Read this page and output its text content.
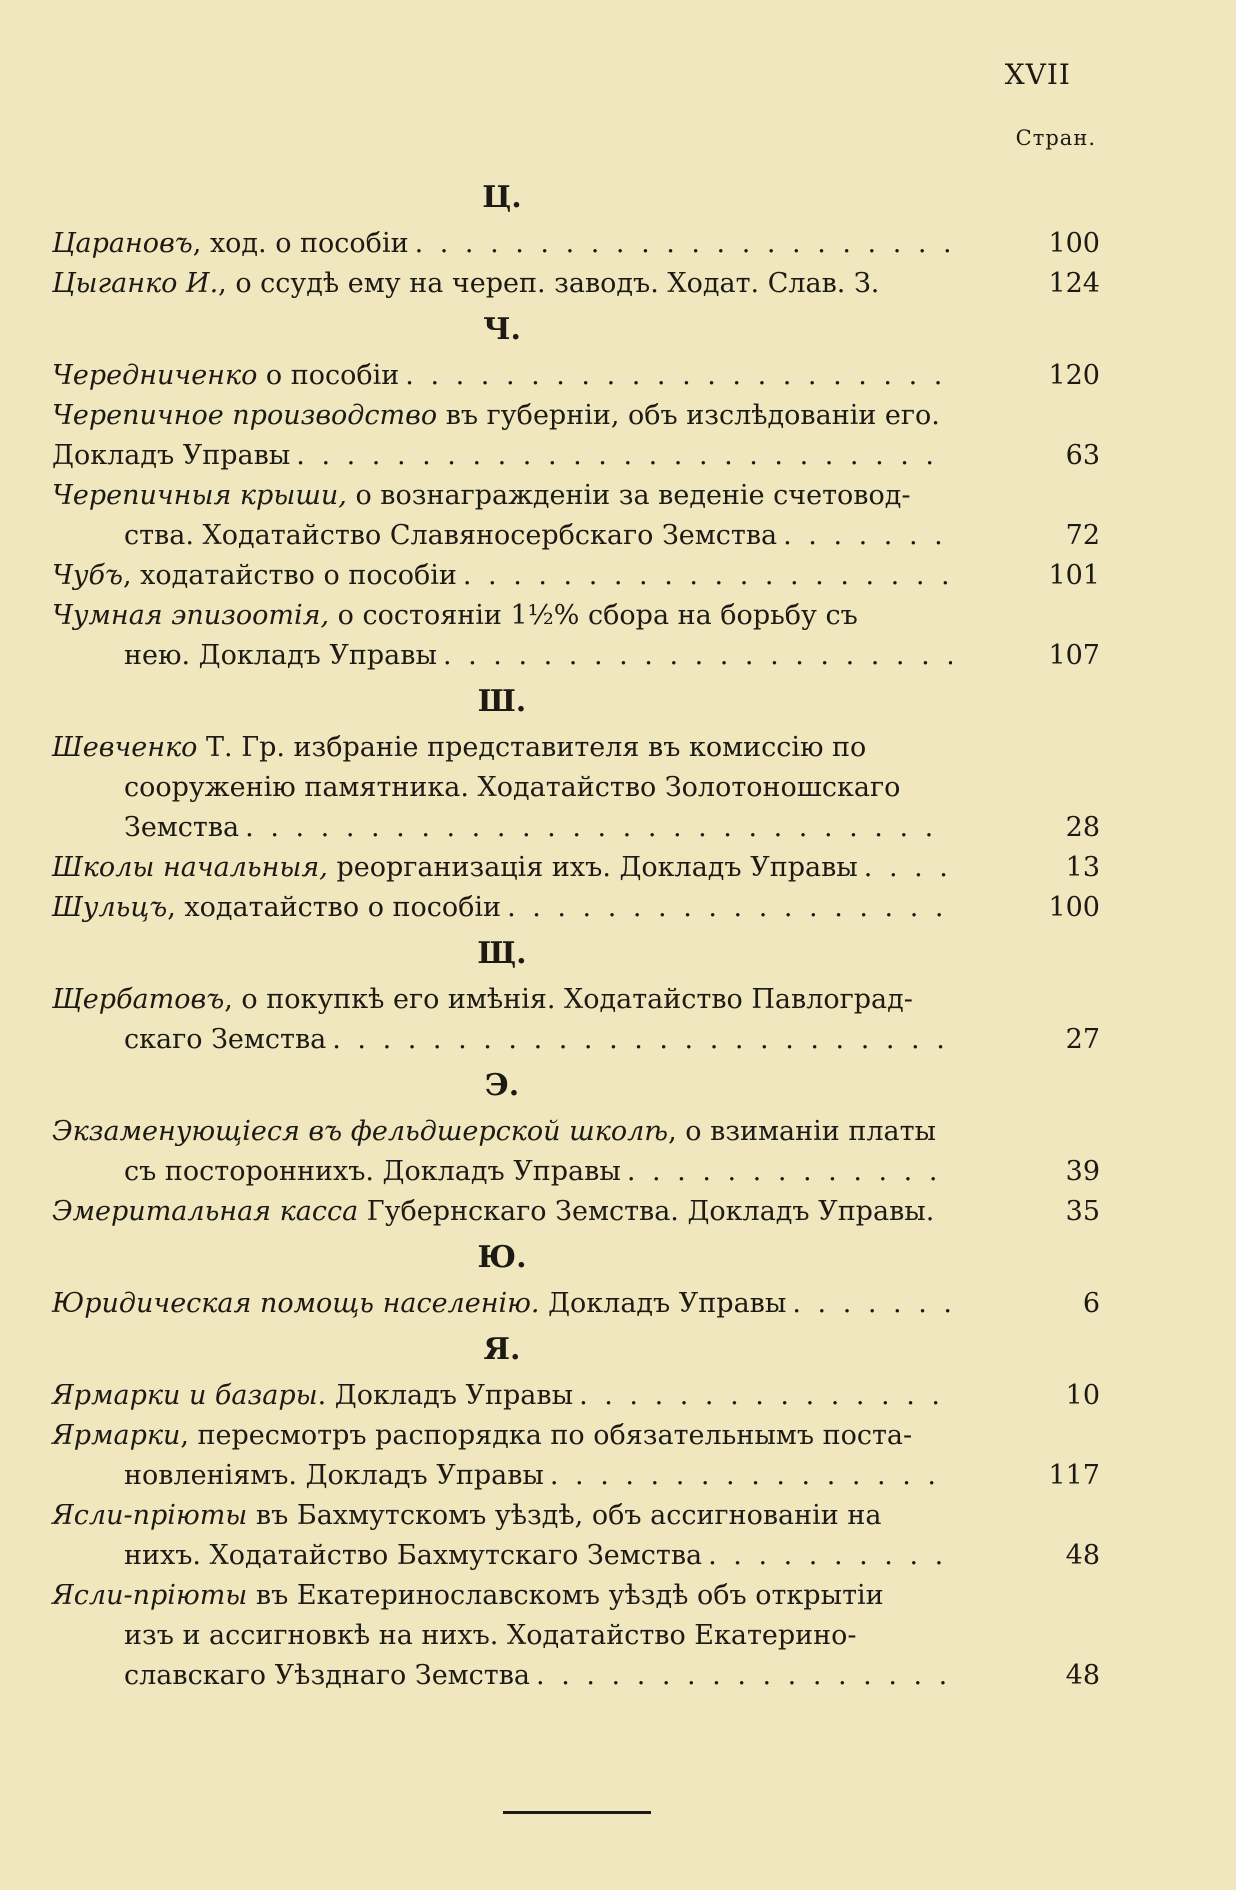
XVII
Стран.
Ц.
Царановъ, ход. о пособіи . . .	100
Цыганко И., о ссудѣ ему на череп. заводъ. Ходат. Слав. З.	124
Ч.
Чередниченко о пособіи . . .	120
Черепичное производство въ губерніи, объ изслѣдованіи его.
Докладъ Управы . . .	63
Черепичныя крыши, о вознагражденіи за веденіе счетовод-
ства. Ходатайство Славяносербскаго Земства . . .	72
Чубъ, ходатайство о пособіи . . .	101
Чумная эпизоотія, о состояніи 1½% сбора на борьбу съ
нею. Докладъ Управы . . .	107
Ш.
Шевченко Т. Гр. избраніе представителя въ комиссію по
сооруженію памятника. Ходатайство Золотоношскаго
Земства . . .	28
Школы начальныя, реорганизація ихъ. Докладъ Управы . . .	13
Шульцъ, ходатайство о пособіи . . .	100
Щ.
Щербатовъ, о покупкѣ его имѣнія. Ходатайство Павлоград-
скаго Земства . . .	27
Э.
Экзаменующіеся въ фельдшерской школѣ, о взиманіи платы
съ постороннихъ. Докладъ Управы . . .	39
Эмеритальная касса Губернскаго Земства. Докладъ Управы.	35
Ю.
Юридическая помощь населенію. Докладъ Управы . . .	6
Я.
Ярмарки и базары. Докладъ Управы . . .	10
Ярмарки, пересмотръ распорядка по обязательнымъ поста-
новленіямъ. Докладъ Управы . . .	117
Ясли-пріюты въ Бахмутскомъ уѣздѣ, объ ассигнованіи на
нихъ. Ходатайство Бахмутскаго Земства . . .	48
Ясли-пріюты въ Екатеринославскомъ уѣздѣ объ открытіи
изъ и ассигновкѣ на нихъ. Ходатайство Екатерино-
славскаго Уѣзднаго Земства . . .	48
